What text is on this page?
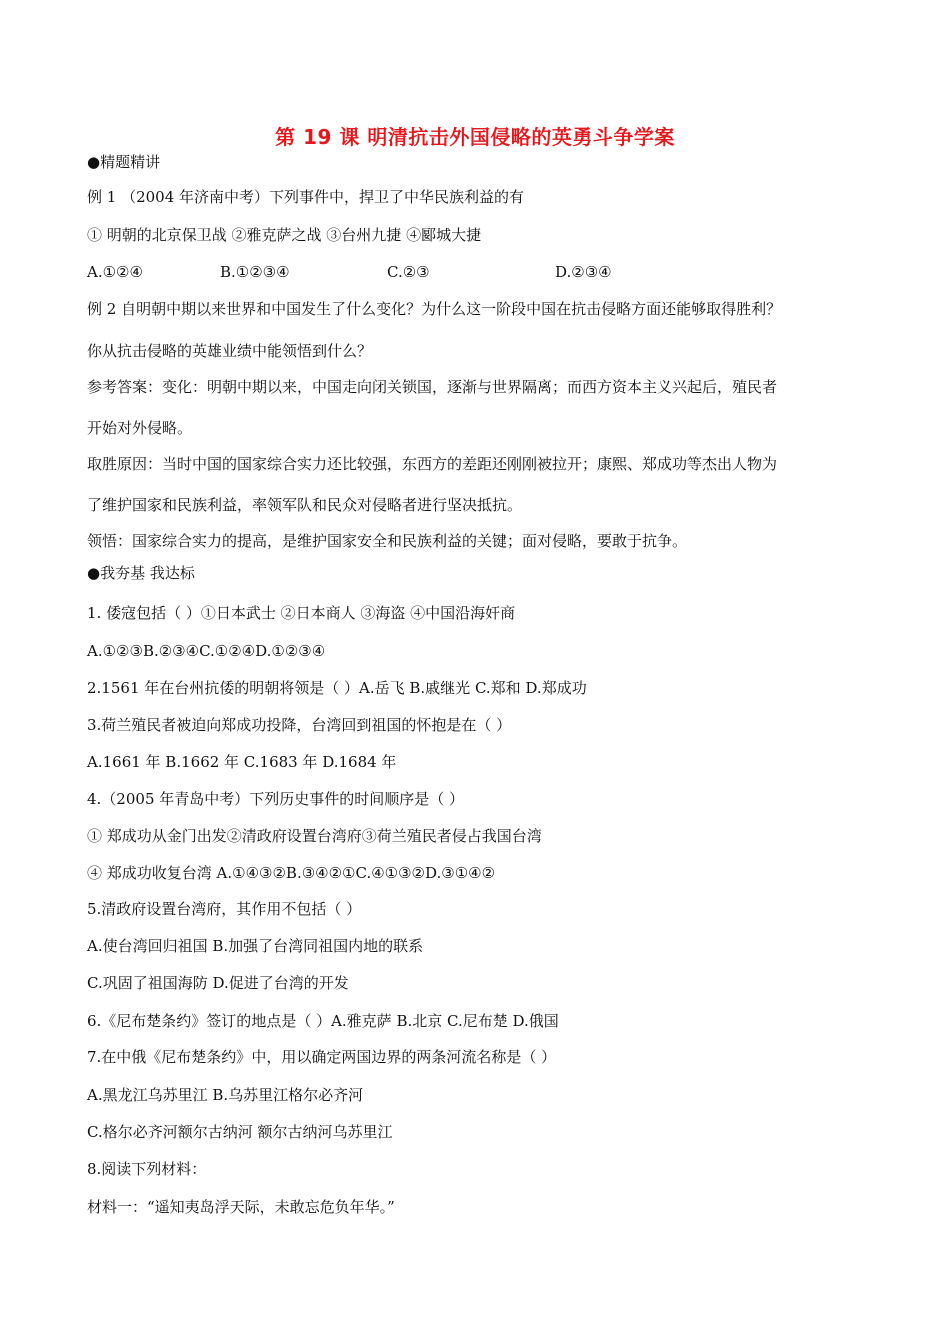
第 19 课 明清抗击外国侵略的英勇斗争学案
●精题精讲
例 1 （2004 年济南中考）下列事件中，捍卫了中华民族利益的有
① 明朝的北京保卫战 ②雅克萨之战 ③台州九捷 ④郾城大捷
A.①②④	B.①②③④	C.②③	D.②③④
例 2 自明朝中期以来世界和中国发生了什么变化？为什么这一阶段中国在抗击侵略方面还能够取得胜利？
你从抗击侵略的英雄业绩中能领悟到什么？
参考答案：变化：明朝中期以来，中国走向闭关锁国，逐渐与世界隔离；而西方资本主义兴起后，殖民者
开始对外侵略。
取胜原因：当时中国的国家综合实力还比较强，东西方的差距还刚刚被拉开；康熙、郑成功等杰出人物为
了维护国家和民族利益，率领军队和民众对侵略者进行坚决抵抗。
领悟：国家综合实力的提高，是维护国家安全和民族利益的关键；面对侵略，要敢于抗争。
●我夯基 我达标
1. 倭寇包括（ ）①日本武士 ②日本商人 ③海盗 ④中国沿海奸商
A.①②③B.②③④C.①②④D.①②③④
2.1561 年在台州抗倭的明朝将领是（ ）A.岳飞 B.戚继光 C.郑和 D.郑成功
3.荷兰殖民者被迫向郑成功投降，台湾回到祖国的怀抱是在（ ）
A.1661 年 B.1662 年 C.1683 年 D.1684 年
4.（2005 年青岛中考）下列历史事件的时间顺序是（ ）
① 郑成功从金门出发②清政府设置台湾府③荷兰殖民者侵占我国台湾
④ 郑成功收复台湾 A.①④③②B.③④②①C.④①③②D.③①④②
5.清政府设置台湾府，其作用不包括（ ）
A.使台湾回归祖国 B.加强了台湾同祖国内地的联系
C.巩固了祖国海防 D.促进了台湾的开发
6.《尼布楚条约》签订的地点是（ ）A.雅克萨 B.北京 C.尼布楚 D.俄国
7.在中俄《尼布楚条约》中，用以确定两国边界的两条河流名称是（ ）
A.黑龙江乌苏里江 B.乌苏里江格尔必齐河
C.格尔必齐河额尔古纳河 额尔古纳河乌苏里江
8.阅读下列材料：
材料一：“遥知夷岛浮天际，未敢忘危负年华。”
